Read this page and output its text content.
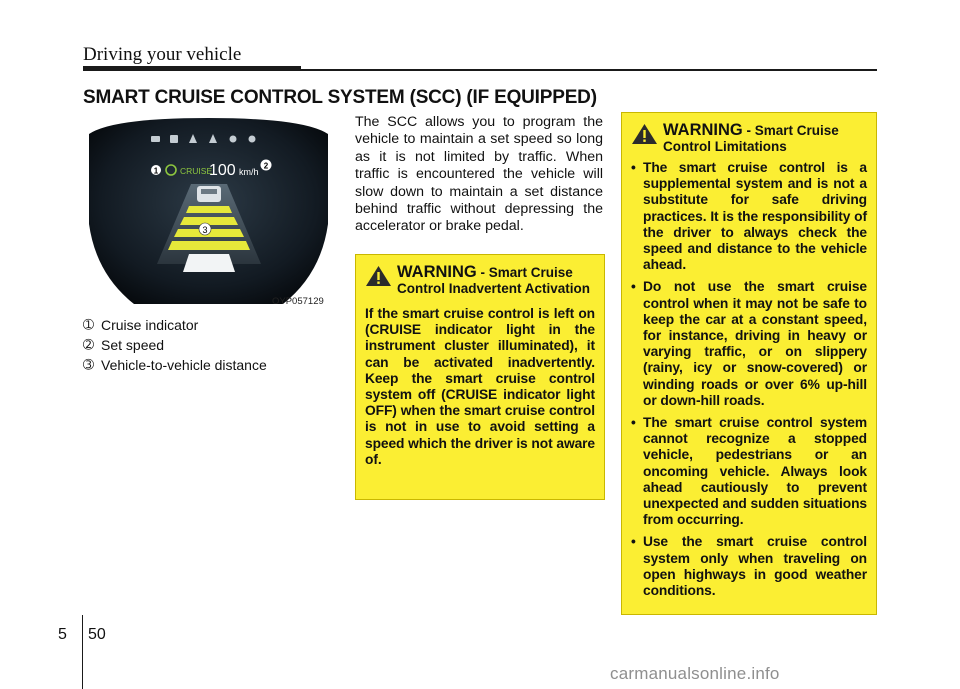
Driving your vehicle
SMART CRUISE CONTROL SYSTEM (SCC) (IF EQUIPPED)
1	CRUISE
100 km/h
2
3
OYP057129
➀ Cruise indicator
➁ Set speed
➂ Vehicle-to-vehicle distance

The SCC allows you to program the vehicle to maintain a set speed so long as it is not limited by traffic. When traffic is encountered the vehicle will slow down to maintain a set distance behind traffic without depressing the accelerator or brake pedal.

WARNING - Smart Cruise Control Inadvertent Activation
If the smart cruise control is left on (CRUISE indicator light in the instrument cluster illuminated), it can be activated inadvertently. Keep the smart cruise control system off (CRUISE indicator light OFF) when the smart cruise control is not in use to avoid setting a speed which the driver is not aware of.
WARNING - Smart Cruise Control Limitations
• The smart cruise control is a supplemental system and is not a substitute for safe driving practices. It is the responsibility of the driver to always check the speed and distance to the vehicle ahead.
• Do not use the smart cruise control when it may not be safe to keep the car at a constant speed, for instance, driving in heavy or varying traffic, or on slippery (rainy, icy or snow-covered) or winding roads or over 6% up-hill or down-hill roads.
• The smart cruise control system cannot recognize a stopped vehicle, pedestrians or an oncoming vehicle. Always look ahead cautiously to prevent unexpected and sudden situations from occurring.
• Use the smart cruise control system only when traveling on open highways in good weather conditions.
5 50
carmanualsonline.info
